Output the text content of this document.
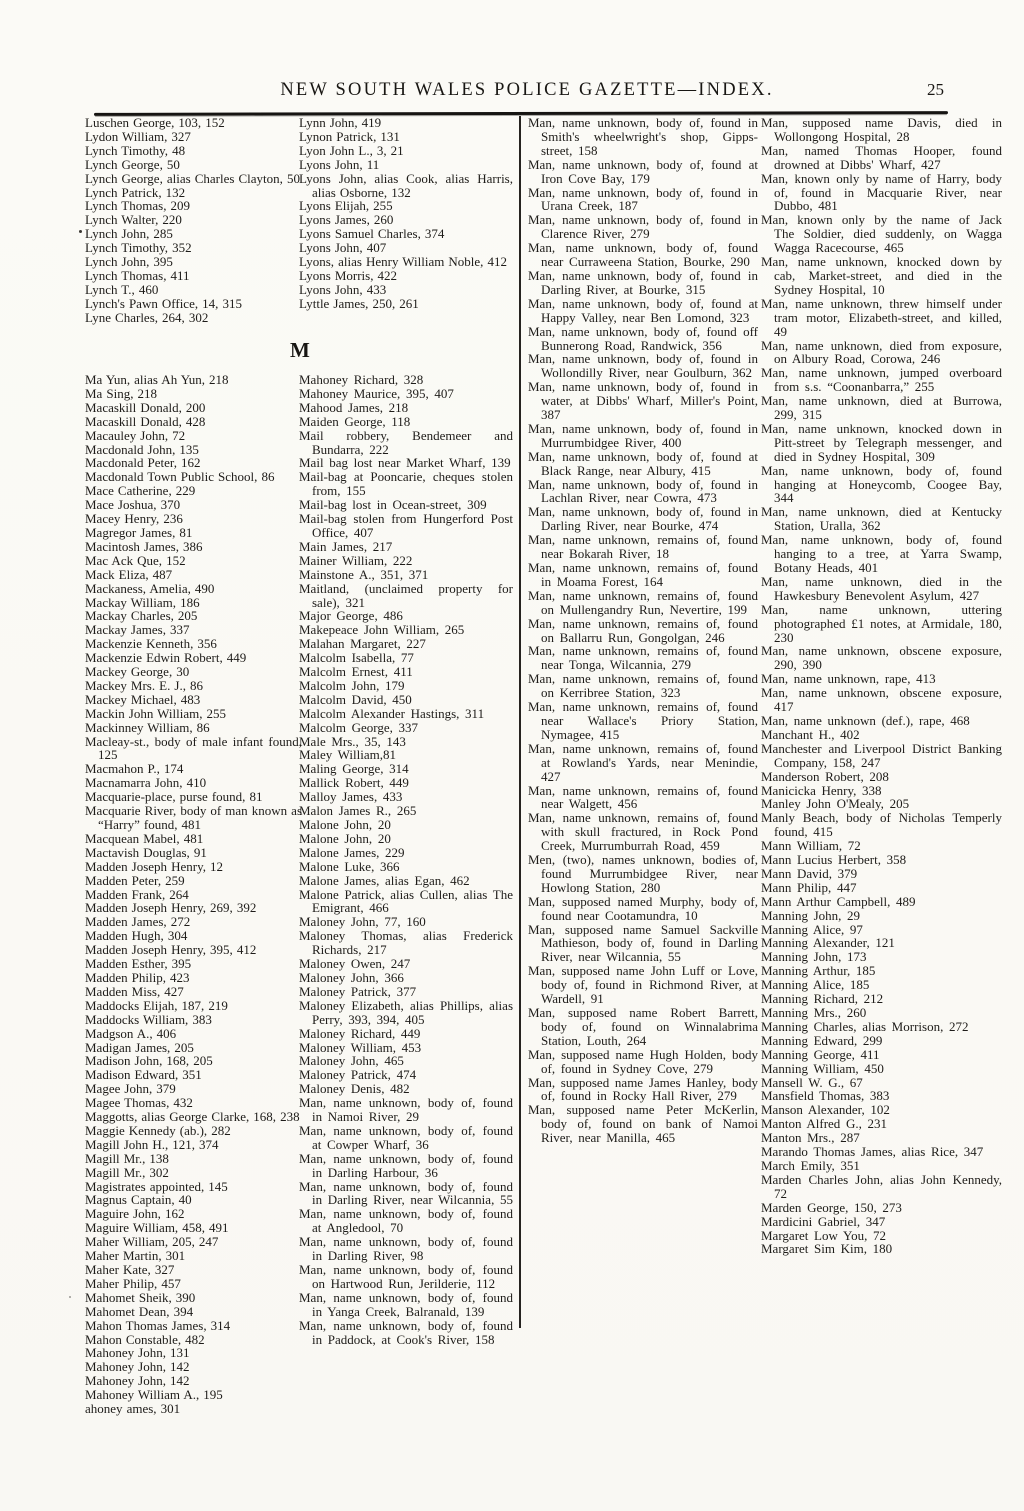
NEW SOUTH WALES POLICE GAZETTE—INDEX.	25

Luschen George, 103, 152

Lydon William, 327

Lynch Timothy, 48

Lynch George, 50

Lynch George, alias Charles Clayton, 50

Lynch Patrick, 132

Lynch Thomas, 209

Lynch Walter, 220

Lynch John, 285

Lynch Timothy, 352

Lynch John, 395

Lynch Thomas, 411

Lynch T., 460

Lynch's Pawn Office, 14, 315

Lyne Charles, 264, 302

Ma Yun, alias Ah Yun, 218

Ma Sing, 218

Macaskill Donald, 200

Macaskill Donald, 428

Macauley John, 72

Macdonald John, 135

Macdonald Peter, 162

Macdonald Town Public School, 86

Mace Catherine, 229

Mace Joshua, 370

Macey Henry, 236

Magregor James, 81

Macintosh James, 386

Mac Ack Que, 152

Mack Eliza, 487

Mackaness, Amelia, 490

Mackay William, 186

Mackay Charles, 205

Mackay James, 337

Mackenzie Kenneth, 356

Mackenzie Edwin Robert, 449

Mackey George, 30

Mackey Mrs. E. J., 86

Mackey Michael, 483

Mackin John William, 255

Mackinney William, 86

Macleay-st., body of male infant found, 125

Macmahon P., 174

Macnamarra John, 410

Macquarie-place, purse found, 81

Macquarie River, body of man known as “Harry” found, 481

Macquean Mabel, 481

Mactavish Douglas, 91

Madden Joseph Henry, 12

Madden Peter, 259

Madden Frank, 264

Madden Joseph Henry, 269, 392

Madden James, 272

Madden Hugh, 304

Madden Joseph Henry, 395, 412

Madden Esther, 395

Madden Philip, 423

Madden Miss, 427

Maddocks Elijah, 187, 219

Maddocks William, 383

Madgson A., 406

Madigan James, 205

Madison John, 168, 205

Madison Edward, 351

Magee John, 379

Magee Thomas, 432

Maggotts, alias George Clarke, 168, 238

Maggie Kennedy (ab.), 282

Magill John H., 121, 374

Magill Mr., 138

Magill Mr., 302

Magistrates appointed, 145

Magnus Captain, 40

Maguire John, 162

Maguire William, 458, 491

Maher William, 205, 247

Maher Martin, 301

Maher Kate, 327

Maher Philip, 457

Mahomet Sheik, 390

Mahomet Dean, 394

Mahon Thomas James, 314

Mahon Constable, 482

Mahoney John, 131

Mahoney John, 142

Mahoney John, 142

Mahoney William A., 195

ahoney ames, 301

Lynn John, 419

Lynon Patrick, 131

Lyon John L., 3, 21

Lyons John, 11

Lyons John, alias Cook, alias Harris, alias Osborne, 132

Lyons Elijah, 255

Lyons James, 260

Lyons Samuel Charles, 374

Lyons John, 407

Lyons, alias Henry William Noble, 412

Lyons Morris, 422

Lyons John, 433

Lyttle James, 250, 261

M

Mahoney Richard, 328

Mahoney Maurice, 395, 407

Mahood James, 218

Maiden George, 118

Mail robbery, Bendemeer and Bundarra, 222

Mail bag lost near Market Wharf, 139

Mail-bag at Pooncarie, cheques stolen from, 155

Mail-bag lost in Ocean-street, 309

Mail-bag stolen from Hungerford Post Office, 407

Main James, 217

Mainer William, 222

Mainstone A., 351, 371

Maitland, (unclaimed property for sale), 321

Major George, 486

Makepeace John William, 265

Malahan Margaret, 227

Malcolm Isabella, 77

Malcolm Ernest, 411

Malcolm John, 179

Malcolm David, 450

Malcolm Alexander Hastings, 311

Malcolm George, 337

Male Mrs., 35, 143

Maley William,81

Maling George, 314

Mallick Robert, 449

Malloy James, 433

Malon James R., 265

Malone John, 20

Malone John, 20

Malone James, 229

Malone Luke, 366

Malone James, alias Egan, 462

Malone Patrick, alias Cullen, alias The Emigrant, 466

Maloney John, 77, 160

Maloney Thomas, alias Frederick Richards, 217

Maloney Owen, 247

Maloney John, 366

Maloney Patrick, 377

Maloney Elizabeth, alias Phillips, alias Perry, 393, 394, 405

Maloney Richard, 449

Maloney William, 453

Maloney John, 465

Maloney Patrick, 474

Maloney Denis, 482

Man, name unknown, body of, found in Namoi River, 29

Man, name unknown, body of, found at Cowper Wharf, 36

Man, name unknown, body of, found in Darling Harbour, 36

Man, name unknown, body of, found in Darling River, near Wilcannia, 55

Man, name unknown, body of, found at Angledool, 70

Man, name unknown, body of, found in Darling River, 98

Man, name unknown, body of, found on Hartwood Run, Jerilderie, 112

Man, name unknown, body of, found in Yanga Creek, Balranald, 139

Man, name unknown, body of, found in Paddock, at Cook's River, 158

Man, name unknown, body of, found in Smith's wheelwright's shop, Gipps-street, 158

Man, name unknown, body of, found at Iron Cove Bay, 179

Man, name unknown, body of, found in Urana Creek, 187

Man, name unknown, body of, found in Clarence River, 279

Man, name unknown, body of, found near Curraweena Station, Bourke, 290

Man, name unknown, body of, found in Darling River, at Bourke, 315

Man, name unknown, body of, found at Happy Valley, near Ben Lomond, 323

Man, name unknown, body of, found off Bunnerong Road, Randwick, 356

Man, name unknown, body of, found in Wollondilly River, near Goulburn, 362

Man, name unknown, body of, found in water, at Dibbs' Wharf, Miller's Point, 387

Man, name unknown, body of, found in Murrumbidgee River, 400

Man, name unknown, body of, found at Black Range, near Albury, 415

Man, name unknown, body of, found in Lachlan River, near Cowra, 473

Man, name unknown, body of, found in Darling River, near Bourke, 474

Man, name unknown, remains of, found near Bokarah River, 18

Man, name unknown, remains of, found in Moama Forest, 164

Man, name unknown, remains of, found on Mullengandry Run, Nevertire, 199

Man, name unknown, remains of, found on Ballarru Run, Gongolgan, 246

Man, name unknown, remains of, found near Tonga, Wilcannia, 279

Man, name unknown, remains of, found on Kerribree Station, 323

Man, name unknown, remains of, found near Wallace's Priory Station, Nymagee, 415

Man, name unknown, remains of, found at Rowland's Yards, near Menindie, 427

Man, name unknown, remains of, found near Walgett, 456

Man, name unknown, remains of, found with skull fractured, in Rock Pond Creek, Murrumburrah Road, 459

Men, (two), names unknown, bodies of, found Murrumbidgee River, near Howlong Station, 280

Man, supposed named Murphy, body of, found near Cootamundra, 10

Man, supposed name Samuel Sackville Mathieson, body of, found in Darling River, near Wilcannia, 55

Man, supposed name John Luff or Love, body of, found in Richmond River, at Wardell, 91

Man, supposed name Robert Barrett, body of, found on Winnalabrima Station, Louth, 264

Man, supposed name Hugh Holden, body of, found in Sydney Cove, 279

Man, supposed name James Hanley, body of, found in Rocky Hall River, 279

Man, supposed name Peter McKerlin, body of, found on bank of Namoi River, near Manilla, 465

Man, supposed name Davis, died in Wollongong Hospital, 28

Man, named Thomas Hooper, found drowned at Dibbs' Wharf, 427

Man, known only by name of Harry, body of, found in Macquarie River, near Dubbo, 481

Man, known only by the name of Jack The Soldier, died suddenly, on Wagga Wagga Racecourse, 465

Man, name unknown, knocked down by cab, Market-street, and died in the Sydney Hospital, 10

Man, name unknown, threw himself under tram motor, Elizabeth-street, and killed, 49

Man, name unknown, died from exposure, on Albury Road, Corowa, 246

Man, name unknown, jumped overboard from s.s. “Coonanbarra,” 255

Man, name unknown, died at Burrowa, 299, 315

Man, name unknown, knocked down in Pitt-street by Telegraph messenger, and died in Sydney Hospital, 309

Man, name unknown, body of, found hanging at Honeycomb, Coogee Bay, 344

Man, name unknown, died at Kentucky Station, Uralla, 362

Man, name unknown, body of, found hanging to a tree, at Yarra Swamp, Botany Heads, 401

Man, name unknown, died in the Hawkesbury Benevolent Asylum, 427

Man, name unknown, uttering photographed £1 notes, at Armidale, 180, 230

Man, name unknown, obscene exposure, 290, 390

Man, name unknown, rape, 413

Man, name unknown, obscene exposure, 417

Man, name unknown (def.), rape, 468

Manchant H., 402

Manchester and Liverpool District Banking Company, 158, 247

Manderson Robert, 208

Manicicka Henry, 338

Manley John O'Mealy, 205

Manly Beach, body of Nicholas Temperly found, 415

Mann William, 72

Mann Lucius Herbert, 358

Mann David, 379

Mann Philip, 447

Mann Arthur Campbell, 489

Manning John, 29

Manning Alice, 97

Manning Alexander, 121

Manning John, 173

Manning Arthur, 185

Manning Alice, 185

Manning Richard, 212

Manning Mrs., 260

Manning Charles, alias Morrison, 272

Manning Edward, 299

Manning George, 411

Manning William, 450

Mansell W. G., 67

Mansfield Thomas, 383

Manson Alexander, 102

Manton Alfred G., 231

Manton Mrs., 287

Marando Thomas James, alias Rice, 347

March Emily, 351

Marden Charles John, alias John Kennedy, 72

Marden George, 150, 273

Mardicini Gabriel, 347

Margaret Low You, 72

Margaret Sim Kim, 180
